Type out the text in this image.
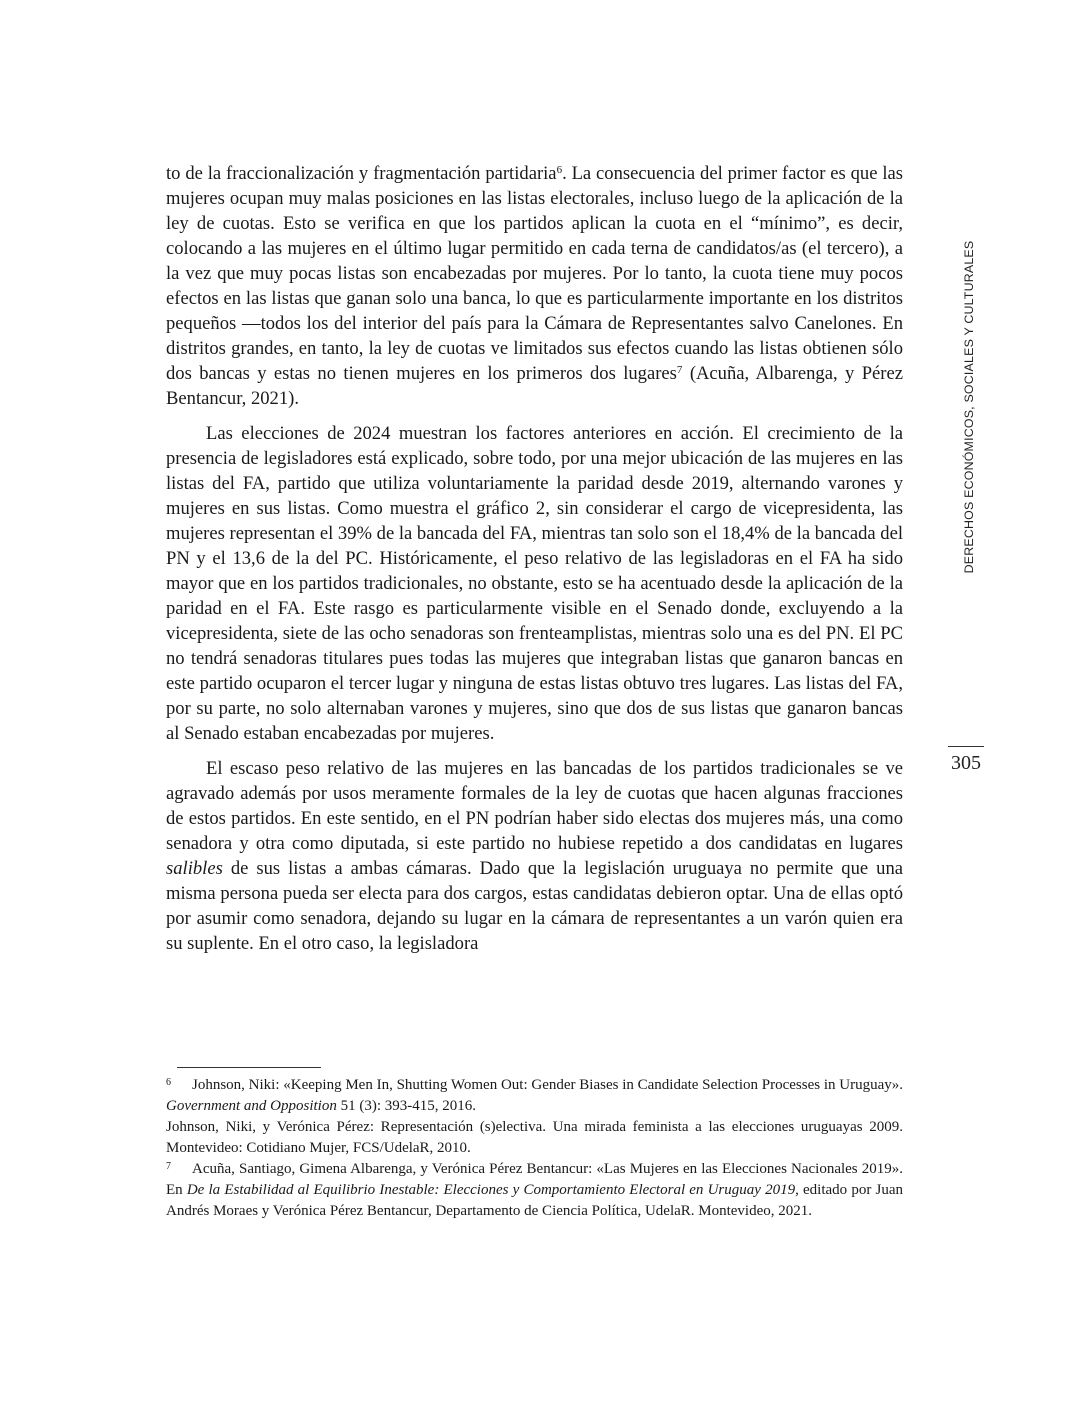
DERECHOS ECONÓMICOS, SOCIALES Y CULTURALES
305

to de la fraccionalización y fragmentación partidaria$^6$. La consecuencia del primer factor es que las mujeres ocupan muy malas posiciones en las listas electorales, incluso luego de la aplicación de la ley de cuotas. Esto se verifica en que los partidos aplican la cuota en el “mínimo”, es decir, colocando a las mujeres en el último lugar permitido en cada terna de candidatos/as (el tercero), a la vez que muy pocas listas son encabezadas por mujeres. Por lo tanto, la cuota tiene muy pocos efectos en las listas que ganan solo una banca, lo que es particularmente importante en los distritos pequeños —todos los del interior del país para la Cámara de Representantes salvo Canelones. En distritos grandes, en tanto, la ley de cuotas ve limitados sus efectos cuando las listas obtienen sólo dos bancas y estas no tienen mujeres en los primeros dos lugares$^7$ (Acuña, Albarenga, y Pérez Bentancur, 2021).

Las elecciones de 2024 muestran los factores anteriores en acción. El crecimiento de la presencia de legisladores está explicado, sobre todo, por una mejor ubicación de las mujeres en las listas del FA, partido que utiliza voluntariamente la paridad desde 2019, alternando varones y mujeres en sus listas. Como muestra el gráfico 2, sin considerar el cargo de vicepresidenta, las mujeres representan el 39% de la bancada del FA, mientras tan solo son el 18,4% de la bancada del PN y el 13,6 de la del PC. Históricamente, el peso relativo de las legisladoras en el FA ha sido mayor que en los partidos tradicionales, no obstante, esto se ha acentuado desde la aplicación de la paridad en el FA. Este rasgo es particularmente visible en el Senado donde, excluyendo a la vicepresidenta, siete de las ocho senadoras son frenteamplistas, mientras solo una es del PN. El PC no tendrá senadoras titulares pues todas las mujeres que integraban listas que ganaron bancas en este partido ocuparon el tercer lugar y ninguna de estas listas obtuvo tres lugares. Las listas del FA, por su parte, no solo alternaban varones y mujeres, sino que dos de sus listas que ganaron bancas al Senado estaban encabezadas por mujeres.

El escaso peso relativo de las mujeres en las bancadas de los partidos tradicionales se ve agravado además por usos meramente formales de la ley de cuotas que hacen algunas fracciones de estos partidos. En este sentido, en el PN podrían haber sido electas dos mujeres más, una como senadora y otra como diputada, si este partido no hubiese repetido a dos candidatas en lugares salibles de sus listas a ambas cámaras. Dado que la legislación uruguaya no permite que una misma persona pueda ser electa para dos cargos, estas candidatas debieron optar. Una de ellas optó por asumir como senadora, dejando su lugar en la cámara de representantes a un varón quien era su suplente. En el otro caso, la legisladora

6 Johnson, Niki: «Keeping Men In, Shutting Women Out: Gender Biases in Candidate Selection Processes in Uruguay». Government and Opposition 51 (3): 393-415, 2016.

Johnson, Niki, y Verónica Pérez: Representación (s)electiva. Una mirada feminista a las elecciones uruguayas 2009. Montevideo: Cotidiano Mujer, FCS/UdelaR, 2010.

7 Acuña, Santiago, Gimena Albarenga, y Verónica Pérez Bentancur: «Las Mujeres en las Elecciones Nacionales 2019». En De la Estabilidad al Equilibrio Inestable: Elecciones y Comportamiento Electoral en Uruguay 2019, editado por Juan Andrés Moraes y Verónica Pérez Bentancur, Departamento de Ciencia Política, UdelaR. Montevideo, 2021.
